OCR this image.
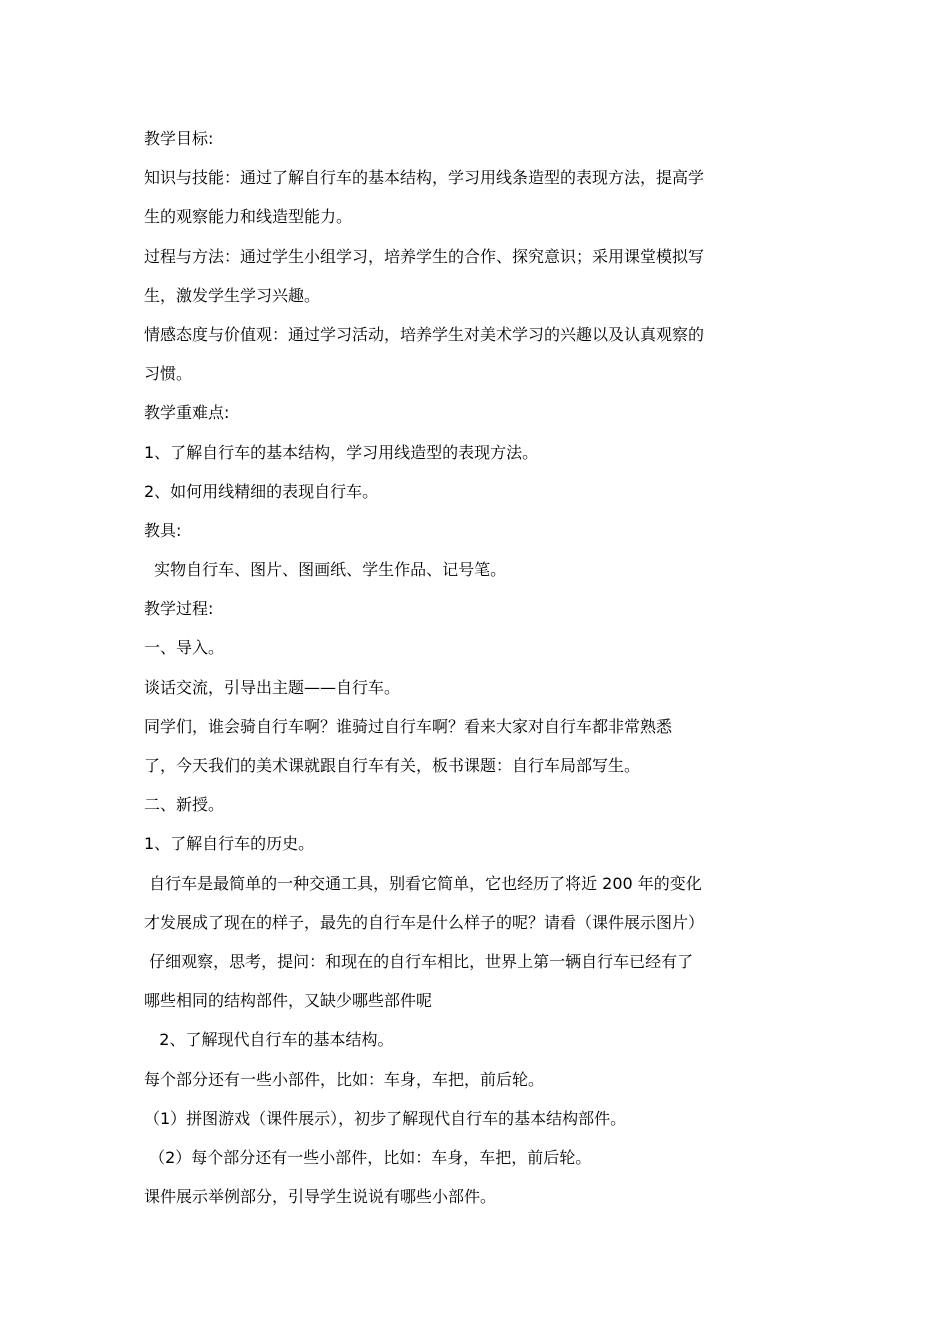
教学目标:
知识与技能：通过了解自行车的基本结构，学习用线条造型的表现方法，提高学
生的观察能力和线造型能力。
过程与方法：通过学生小组学习，培养学生的合作、探究意识；采用课堂模拟写
生，激发学生学习兴趣。
情感态度与价值观：通过学习活动，培养学生对美术学习的兴趣以及认真观察的
习惯。
教学重难点:
1、了解自行车的基本结构，学习用线造型的表现方法。
2、如何用线精细的表现自行车。
教具:
实物自行车、图片、图画纸、学生作品、记号笔。
教学过程:
一、导入。
谈话交流，引导出主题——自行车。
同学们，谁会骑自行车啊？谁骑过自行车啊？看来大家对自行车都非常熟悉
了，今天我们的美术课就跟自行车有关，板书课题：自行车局部写生。
二、新授。
1、了解自行车的历史。
自行车是最简单的一种交通工具，别看它简单，它也经历了将近 200 年的变化
才发展成了现在的样子，最先的自行车是什么样子的呢？请看（课件展示图片）
仔细观察，思考，提问：和现在的自行车相比，世界上第一辆自行车已经有了
哪些相同的结构部件，又缺少哪些部件呢
2、了解现代自行车的基本结构。
每个部分还有一些小部件，比如：车身，车把，前后轮。
（1）拼图游戏（课件展示），初步了解现代自行车的基本结构部件。
（2）每个部分还有一些小部件，比如：车身，车把，前后轮。
课件展示举例部分，引导学生说说有哪些小部件。
